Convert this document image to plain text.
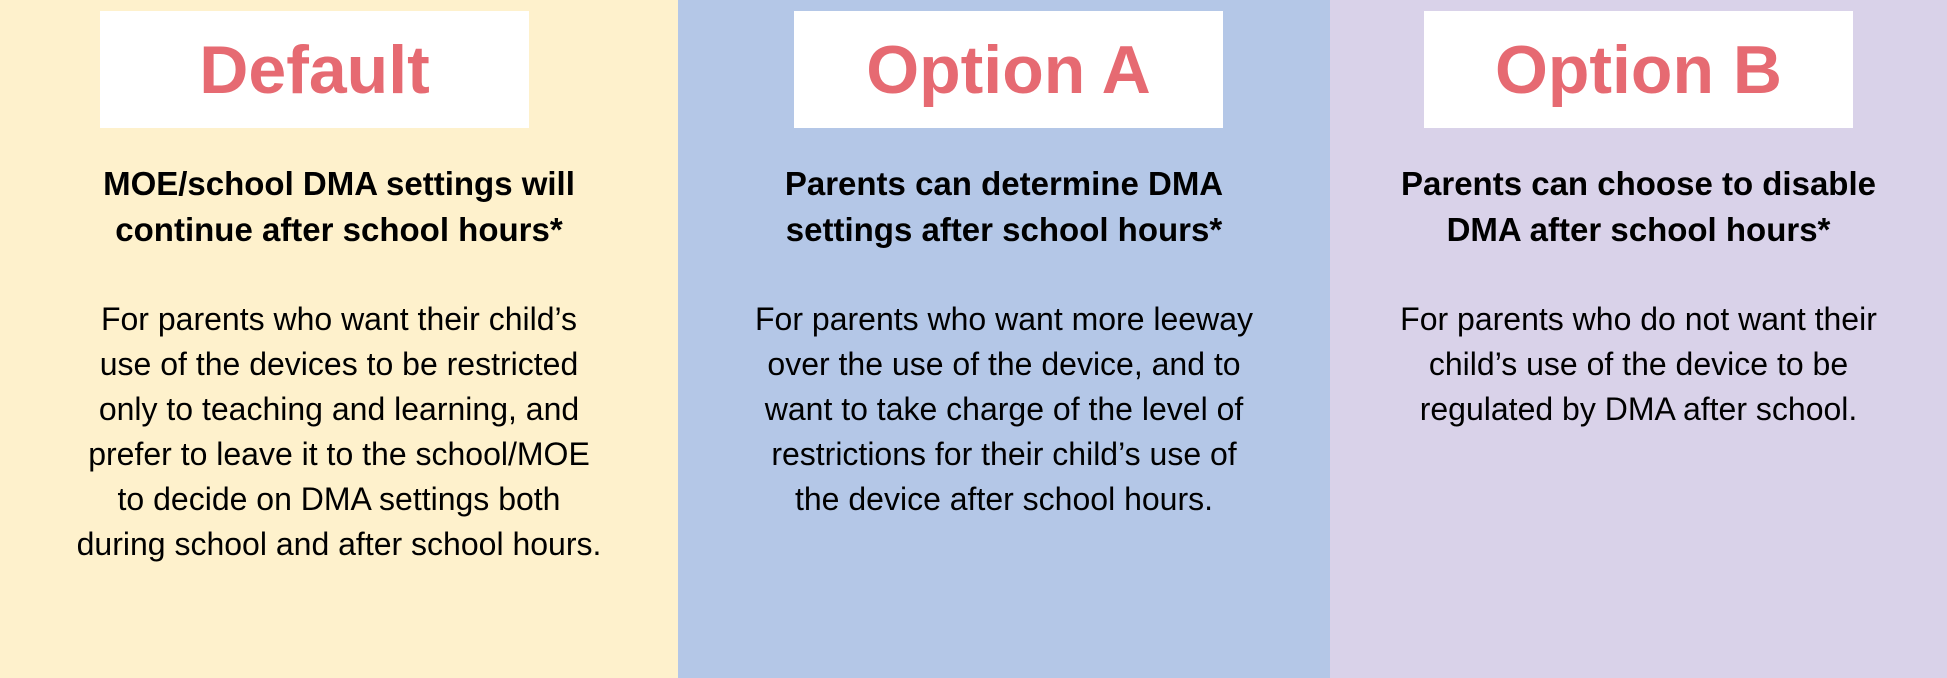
Default

MOE/school DMA settings will
continue after school hours*

For parents who want their child’s
use of the devices to be restricted
only to teaching and learning, and
prefer to leave it to the school/MOE
to decide on DMA settings both
during school and after school hours.

Option A

Parents can determine DMA
settings after school hours*

For parents who want more leeway
over the use of the device, and to
want to take charge of the level of
restrictions for their child’s use of
the device after school hours.

Option B

Parents can choose to disable
DMA after school hours*

For parents who do not want their
child’s use of the device to be
regulated by DMA after school.
